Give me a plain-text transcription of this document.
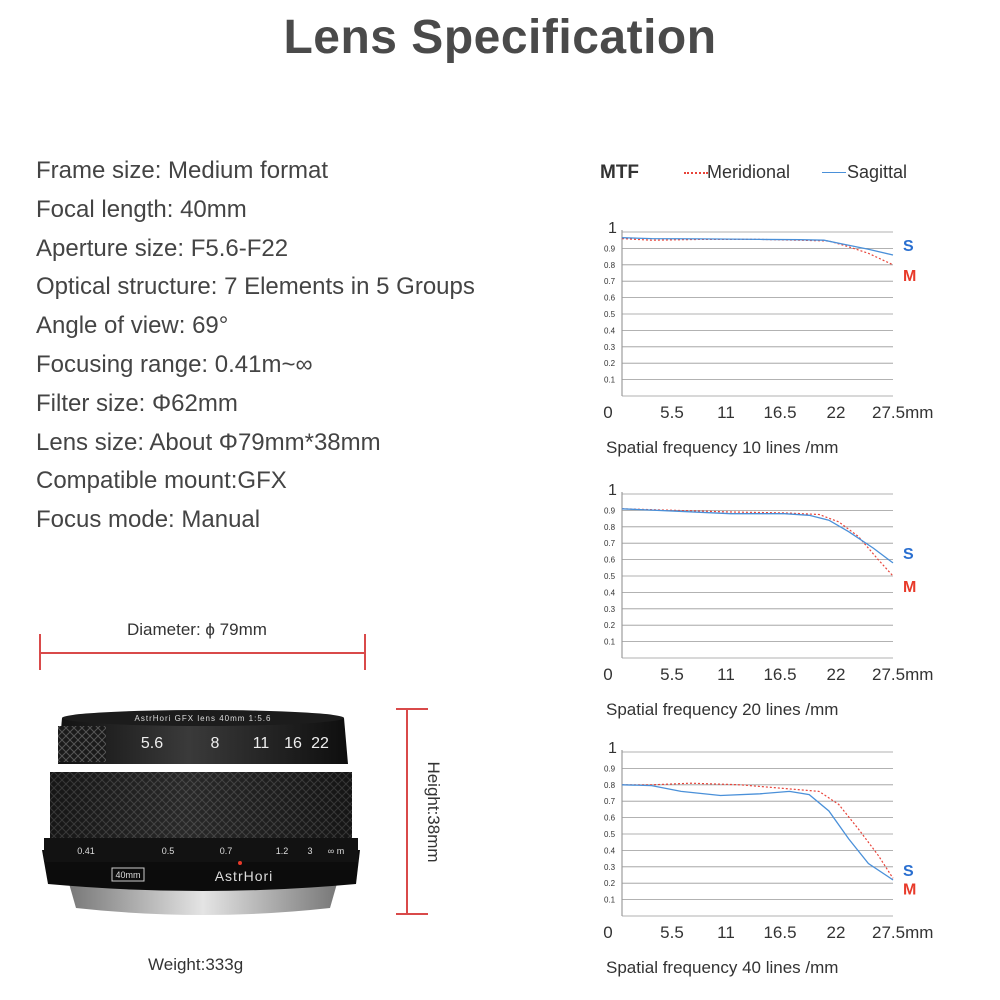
Lens Specification
Frame size: Medium format
Focal length: 40mm
Aperture size: F5.6-F22
Optical structure: 7 Elements in 5 Groups
Angle of view: 69°
Focusing range: 0.41m~∞
Filter size: Φ62mm
Lens size: About Φ79mm*38mm
Compatible mount:GFX
Focus mode: Manual
Diameter: ϕ 79mm
Height:38mm
Weight:333g
AstrHori GFX lens 40mm 1:5.6
5.6	8 11 16 22
0.41	0.5	0.7	1.2 3 ∞ m
40mm	AstrHori
MTF	Meridional	Sagittal
1
0.9
0.8
0.7
0.6
0.5
0.4
0.3
0.2
0.1
0	5.5 11 16.5 22 27.5mm
M
S
Spatial frequency 10 lines /mm
1
0.9
0.8
0.7
0.6
0.5
0.4
0.3
0.2
0.1
0	5.5 11 16.5 22 27.5mm
M
S
Spatial frequency 20 lines /mm
1
0.9
0.8
0.7
0.6
0.5
0.4
0.3
0.2
0.1
0	5.5 11 16.5 22 27.5mm
M
S
Spatial frequency 40 lines /mm
